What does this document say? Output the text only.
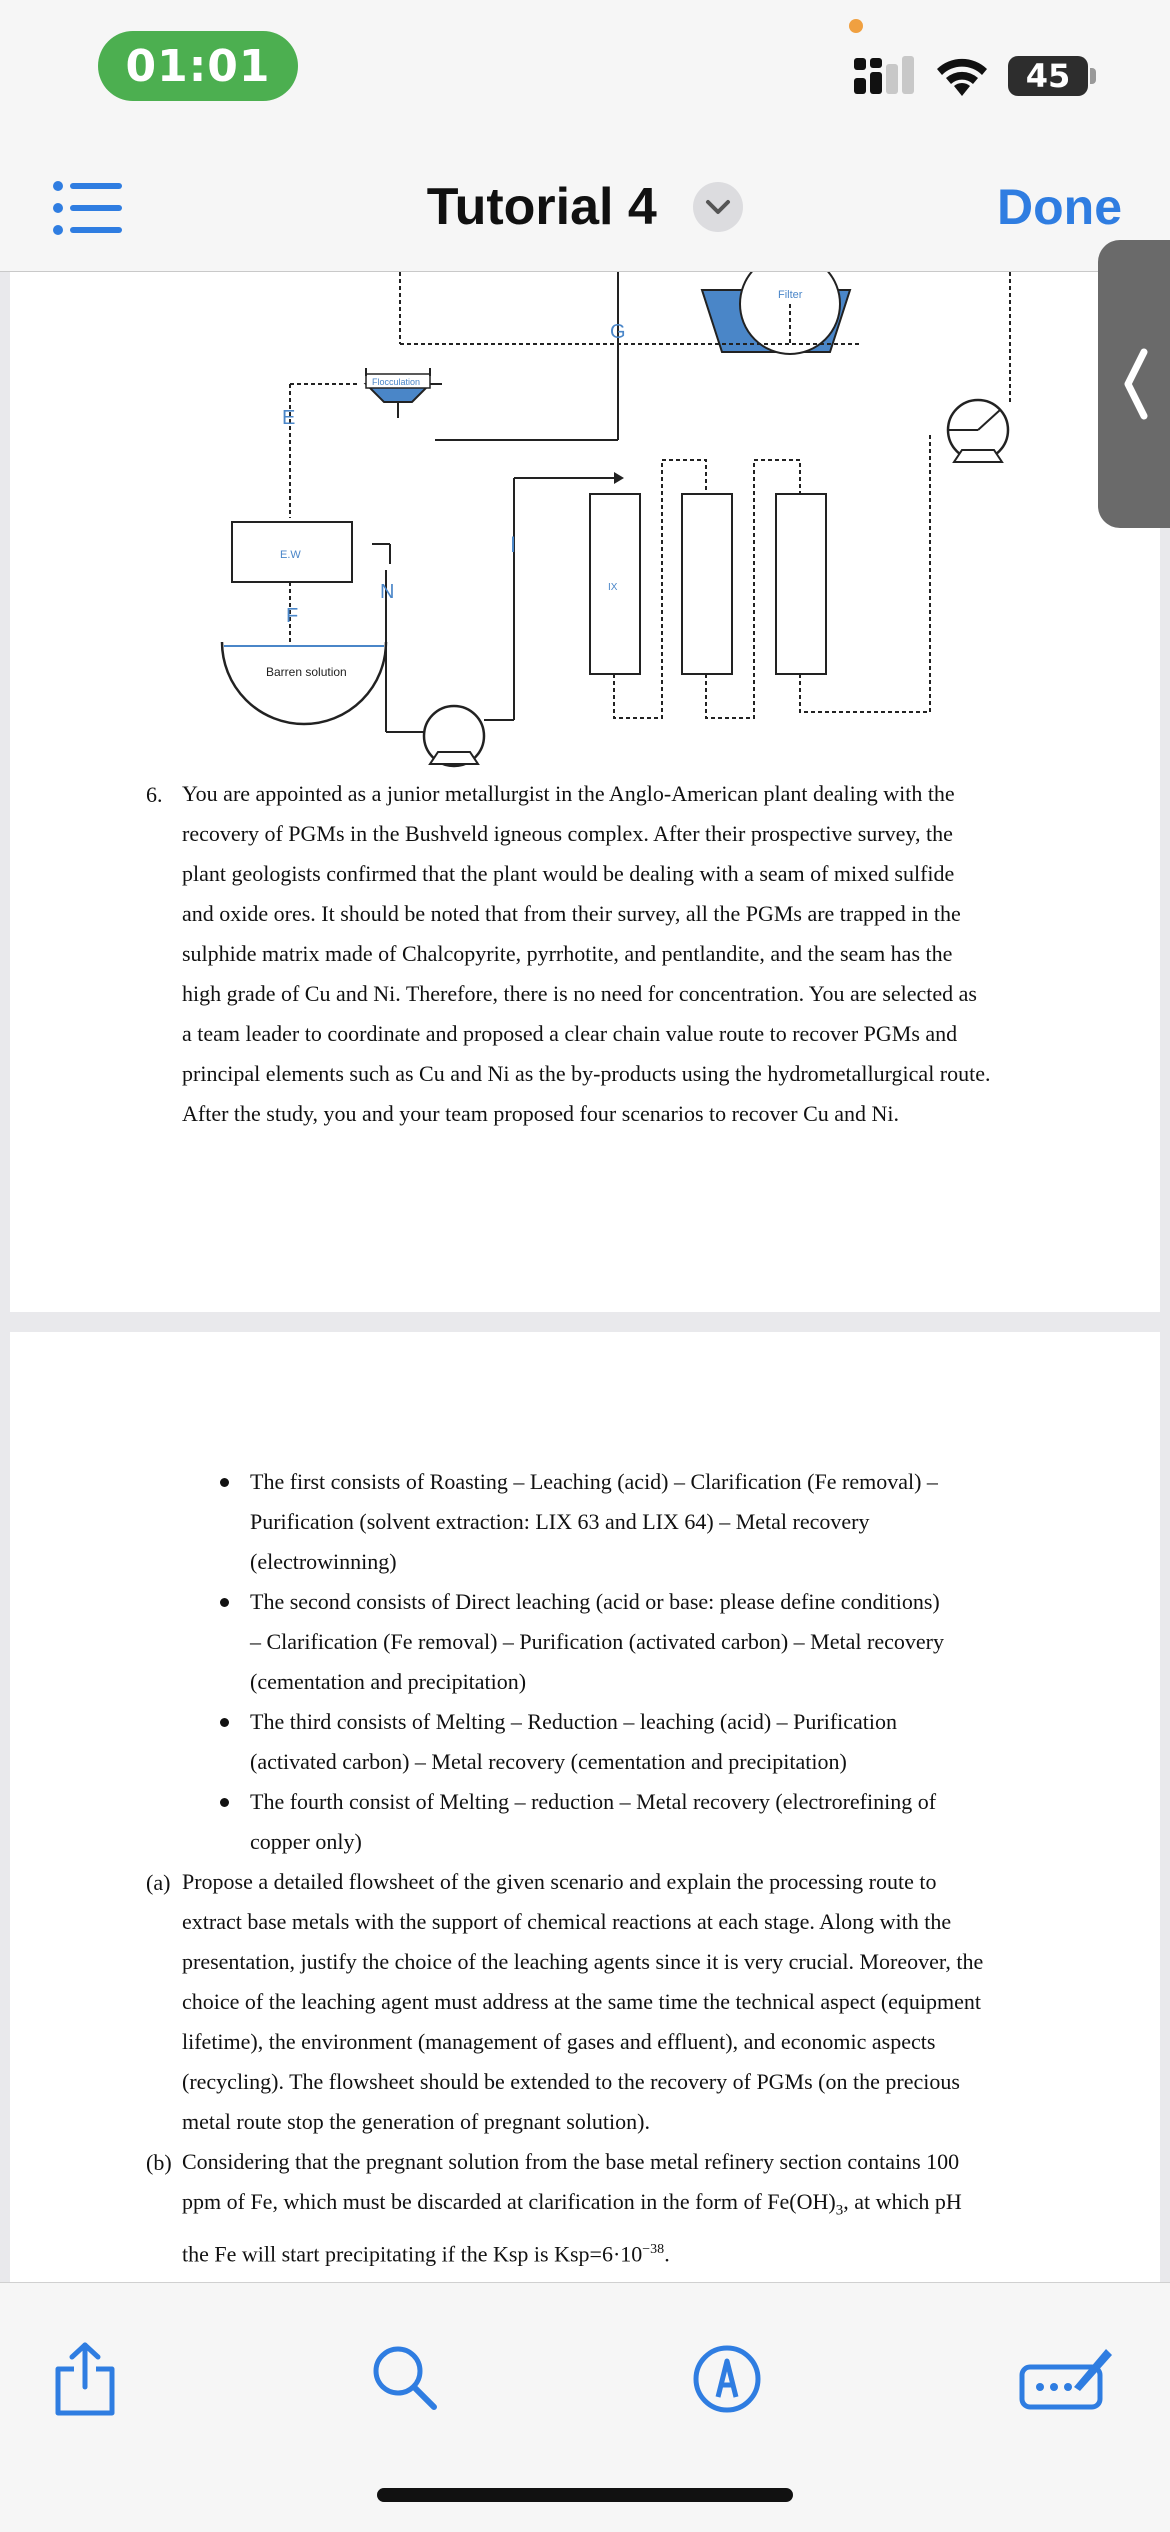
01:01	45
Tutorial 4	Done
Filter
G
Flocculation
E
E.W
F
N
Barren solution
I
IX
6. You are appointed as a junior metallurgist in the Anglo-American plant dealing with the
recovery of PGMs in the Bushveld igneous complex. After their prospective survey, the
plant geologists confirmed that the plant would be dealing with a seam of mixed sulfide
and oxide ores. It should be noted that from their survey, all the PGMs are trapped in the
sulphide matrix made of Chalcopyrite, pyrrhotite, and pentlandite, and the seam has the
high grade of Cu and Ni. Therefore, there is no need for concentration. You are selected as
a team leader to coordinate and proposed a clear chain value route to recover PGMs and
principal elements such as Cu and Ni as the by-products using the hydrometallurgical route.
After the study, you and your team proposed four scenarios to recover Cu and Ni.
The first consists of Roasting – Leaching (acid) – Clarification (Fe removal) –
Purification (solvent extraction: LIX 63 and LIX 64) – Metal recovery
(electrowinning)
The second consists of Direct leaching (acid or base: please define conditions)
– Clarification (Fe removal) – Purification (activated carbon) – Metal recovery
(cementation and precipitation)
The third consists of Melting – Reduction – leaching (acid) – Purification
(activated carbon) – Metal recovery (cementation and precipitation)
The fourth consist of Melting – reduction – Metal recovery (electrorefining of
copper only)
(a) Propose a detailed flowsheet of the given scenario and explain the processing route to
extract base metals with the support of chemical reactions at each stage. Along with the
presentation, justify the choice of the leaching agents since it is very crucial. Moreover, the
choice of the leaching agent must address at the same time the technical aspect (equipment
lifetime), the environment (management of gases and effluent), and economic aspects
(recycling). The flowsheet should be extended to the recovery of PGMs (on the precious
metal route stop the generation of pregnant solution).
(b) Considering that the pregnant solution from the base metal refinery section contains 100
ppm of Fe, which must be discarded at clarification in the form of $Fe(OH)_3$, at which pH
the Fe will start precipitating if the Ksp is $Ksp=6\cdot 10^{-38}$.
